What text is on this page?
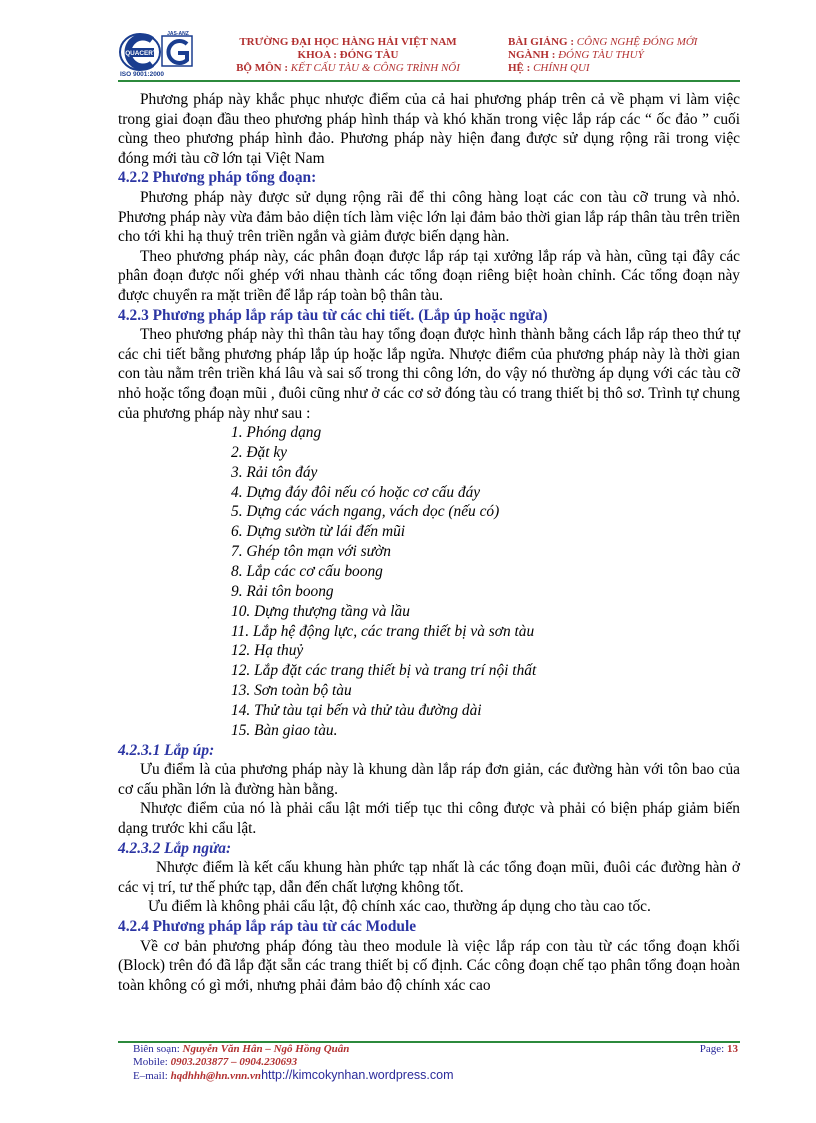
QUACERT
JAS-ANZ
ISO 9001:2000
TRƯỜNG ĐẠI HỌC HÀNG HẢI VIỆT NAM
KHOA : ĐÓNG TÀU
BỘ MÔN : KẾT CẤU TÀU & CÔNG TRÌNH NỔI
BÀI GIẢNG : CÔNG NGHỆ ĐÓNG MỚI
NGÀNH : ĐÓNG TÀU THUỶ
HỆ : CHÍNH QUI

Phương pháp này khắc phục nhược điểm của cả hai phương pháp trên cả về phạm vi làm việc trong giai đoạn đầu theo phương pháp hình tháp và khó khăn trong việc lắp ráp các “ ốc đảo ” cuối cùng theo phương pháp hình đảo. Phương pháp này hiện đang được sử dụng rộng rãi trong việc đóng mới tàu cỡ lớn tại Việt Nam

4.2.2 Phương pháp tổng đoạn:

Phương pháp này được sử dụng rộng rãi để thi công hàng loạt các con tàu cỡ trung và nhỏ. Phương pháp này vừa đảm bảo diện tích làm việc lớn lại đảm bảo thời gian lắp ráp thân tàu trên triền cho tới khi hạ thuỷ trên triền ngắn và giảm được biến dạng hàn.

Theo phương pháp này, các phân đoạn được lắp ráp tại xưởng lắp ráp và hàn, cũng tại đây các phân đoạn được nối ghép với nhau thành các tổng đoạn riêng biệt hoàn chỉnh. Các tổng đoạn này được chuyển ra mặt triền để lắp ráp toàn bộ thân tàu.

4.2.3 Phương pháp lắp ráp tàu từ các chi tiết. (Lắp úp hoặc ngửa)

Theo phương pháp này thì thân tàu hay tổng đoạn được hình thành bằng cách lắp ráp theo thứ tự các chi tiết bằng phương pháp lắp úp hoặc lắp ngửa. Nhược điểm của phương pháp này là thời gian con tàu nằm trên triền khá lâu và sai số trong thi công lớn, do vậy nó thường áp dụng với các tàu cỡ nhỏ hoặc tổng đoạn mũi , đuôi cũng như ở các cơ sở đóng tàu có trang thiết bị thô sơ. Trình tự chung của phương pháp này như sau :

1. Phóng dạng
2. Đặt ky
3. Rải tôn đáy
4. Dựng đáy đôi nếu có hoặc cơ cấu đáy
5. Dựng các vách ngang, vách dọc (nếu có)
6. Dựng sườn từ lái đến mũi
7. Ghép tôn mạn với sườn
8. Lắp các cơ cấu boong
9. Rải tôn boong
10. Dựng thượng tầng và lầu
11. Lắp hệ động lực, các trang thiết bị và sơn tàu
12. Hạ thuỷ
12. Lắp đặt các trang thiết bị và trang trí nội thất
13. Sơn toàn bộ tàu
14. Thử tàu tại bến và thử tàu đường dài
15. Bàn giao tàu.
4.2.3.1 Lắp úp:

Ưu điểm là của phương pháp này là khung dàn lắp ráp đơn giản, các đường hàn với tôn bao của cơ cấu phần lớn là đường hàn bằng.

Nhược điểm của nó là phải cẩu lật mới tiếp tục thi công được và phải có biện pháp giảm biến dạng trước khi cẩu lật.

4.2.3.2 Lắp ngửa:

Nhược điểm là kết cấu khung hàn phức tạp nhất là các tổng đoạn mũi, đuôi các đường hàn ở các vị trí, tư thế phức tạp, dẫn đến chất lượng không tốt.

Ưu điểm là không phải cẩu lật, độ chính xác cao, thường áp dụng cho tàu cao tốc.

4.2.4 Phương pháp lắp ráp tàu từ các Module

Về cơ bản phương pháp đóng tàu theo module là việc lắp ráp con tàu từ các tổng đoạn khối (Block) trên đó đã lắp đặt sẵn các trang thiết bị cố định. Các công đoạn chế tạo phân tổng đoạn hoàn toàn không có gì mới, nhưng phải đảm bảo độ chính xác cao

Biên soạn: Nguyễn Văn Hân – Ngô Hồng Quân
Mobile: 0903.203877 – 0904.230693
E–mail: hqdhhh@hn.vnn.vnhttp://kimcokynhan.wordpress.com
Page: 13
